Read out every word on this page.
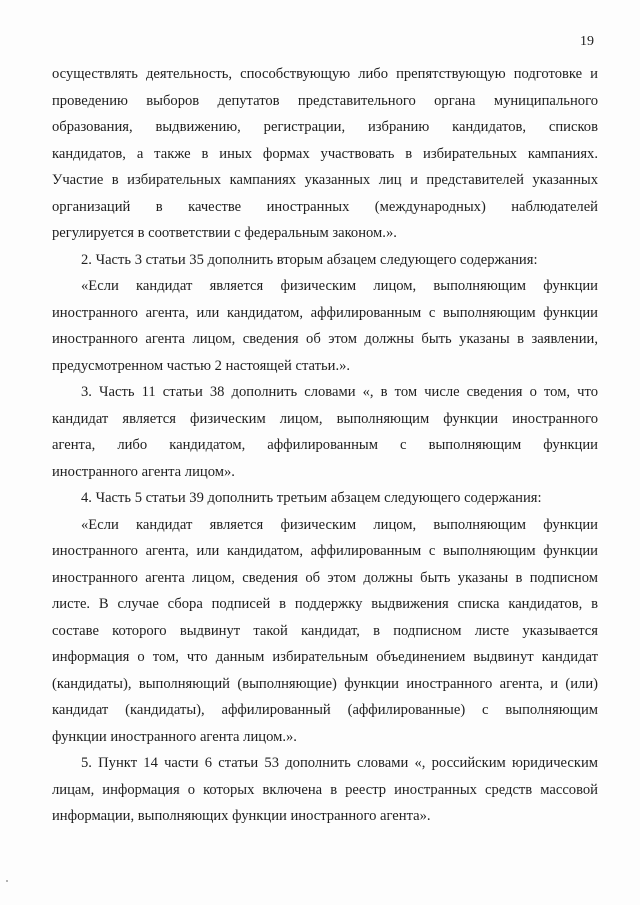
19
осуществлять деятельность, способствующую либо препятствующую подготовке и
проведению выборов депутатов представительного органа муниципального
образования, выдвижению, регистрации, избранию кандидатов, списков
кандидатов, а также в иных формах участвовать в избирательных кампаниях.
Участие в избирательных кампаниях указанных лиц и представителей указанных
организаций в качестве иностранных (международных) наблюдателей
регулируется в соответствии с федеральным законом.».
2. Часть 3 статьи 35 дополнить вторым абзацем следующего содержания:
«Если кандидат является физическим лицом, выполняющим функции
иностранного агента, или кандидатом, аффилированным с выполняющим функции
иностранного агента лицом, сведения об этом должны быть указаны в заявлении,
предусмотренном частью 2 настоящей статьи.».
3. Часть 11 статьи 38 дополнить словами «, в том числе сведения о том, что
кандидат является физическим лицом, выполняющим функции иностранного
агента, либо кандидатом, аффилированным с выполняющим функции
иностранного агента лицом».
4. Часть 5 статьи 39 дополнить третьим абзацем следующего содержания:
«Если кандидат является физическим лицом, выполняющим функции
иностранного агента, или кандидатом, аффилированным с выполняющим функции
иностранного агента лицом, сведения об этом должны быть указаны в подписном
листе. В случае сбора подписей в поддержку выдвижения списка кандидатов, в
составе которого выдвинут такой кандидат, в подписном листе указывается
информация о том, что данным избирательным объединением выдвинут кандидат
(кандидаты), выполняющий (выполняющие) функции иностранного агента, и (или)
кандидат (кандидаты), аффилированный (аффилированные) с выполняющим
функции иностранного агента лицом.».
5. Пункт 14 части 6 статьи 53 дополнить словами «, российским юридическим
лицам, информация о которых включена в реестр иностранных средств массовой
информации, выполняющих функции иностранного агента».
